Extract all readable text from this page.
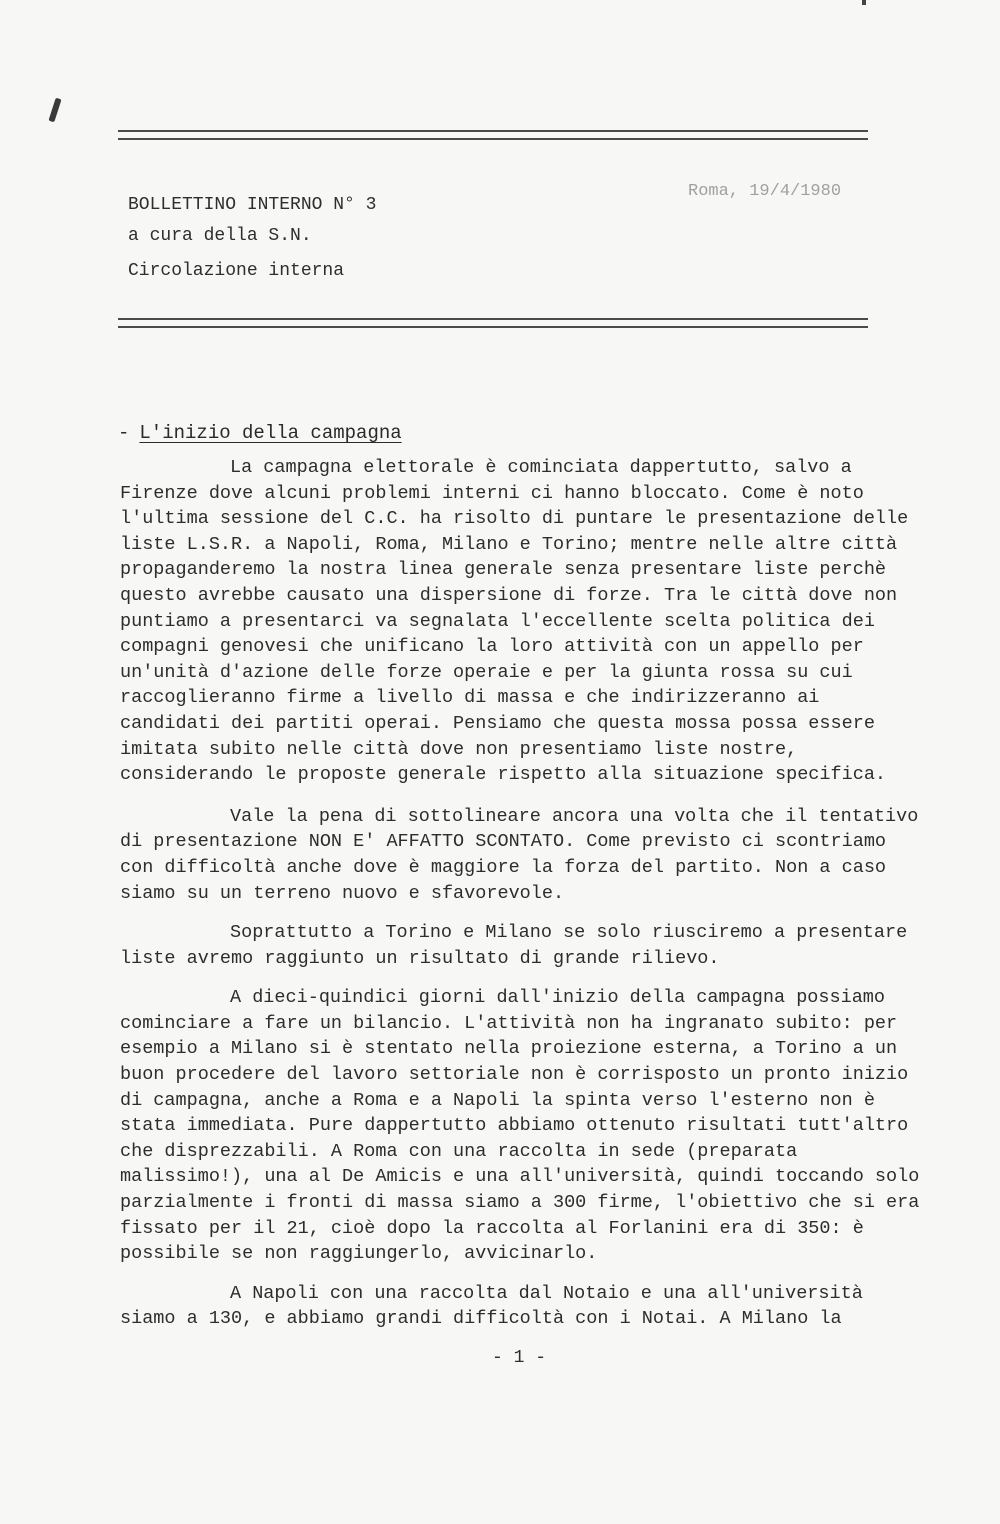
BOLLETTINO INTERNO N° 3
a cura della S.N.
Circolazione interna
Roma, 19/4/1980
- L'inizio della campagna

La campagna elettorale è cominciata dappertutto, salvo a Firenze dove alcuni problemi interni ci hanno bloccato. Come è noto l'ultima sessione del C.C. ha risolto di puntare le presentazione delle liste L.S.R. a Napoli, Roma, Milano e Torino; mentre nelle altre città propaganderemo la nostra linea generale senza presentare liste perchè questo avrebbe causato una dispersione di forze. Tra le città dove non puntiamo a presentarci va segnalata l'eccellente scelta politica dei compagni genovesi che unificano la loro attività con un appello per un'unità d'azione delle forze operaie e per la giunta rossa su cui raccoglieranno firme a livello di massa e che indirizzeranno ai candidati dei partiti operai. Pensiamo che questa mossa possa essere imitata subito nelle città dove non presentiamo liste nostre, considerando le proposte generale rispetto alla situazione specifica.

Vale la pena di sottolineare ancora una volta che il tentativo di presentazione NON E' AFFATTO SCONTATO. Come previsto ci scontriamo con difficoltà anche dove è maggiore la forza del partito. Non a caso siamo su un terreno nuovo e sfavorevole.

Soprattutto a Torino e Milano se solo riusciremo a presentare liste avremo raggiunto un risultato di grande rilievo.

A dieci-quindici giorni dall'inizio della campagna possiamo cominciare a fare un bilancio. L'attività non ha ingranato subito: per esempio a Milano si è stentato nella proiezione esterna, a Torino a un buon procedere del lavoro settoriale non è corrisposto un pronto inizio di campagna, anche a Roma e a Napoli la spinta verso l'esterno non è stata immediata. Pure dappertutto abbiamo ottenuto risultati tutt'altro che disprezzabili. A Roma con una raccolta in sede (preparata malissimo!), una al De Amicis e una all'università, quindi toccando solo parzialmente i fronti di massa siamo a 300 firme, l'obiettivo che si era fissato per il 21, cioè dopo la raccolta al Forlanini era di 350: è possibile se non raggiungerlo, avvicinarlo.

A Napoli con una raccolta dal Notaio e una all'università siamo a 130, e abbiamo grandi difficoltà con i Notai. A Milano la

- 1 -
